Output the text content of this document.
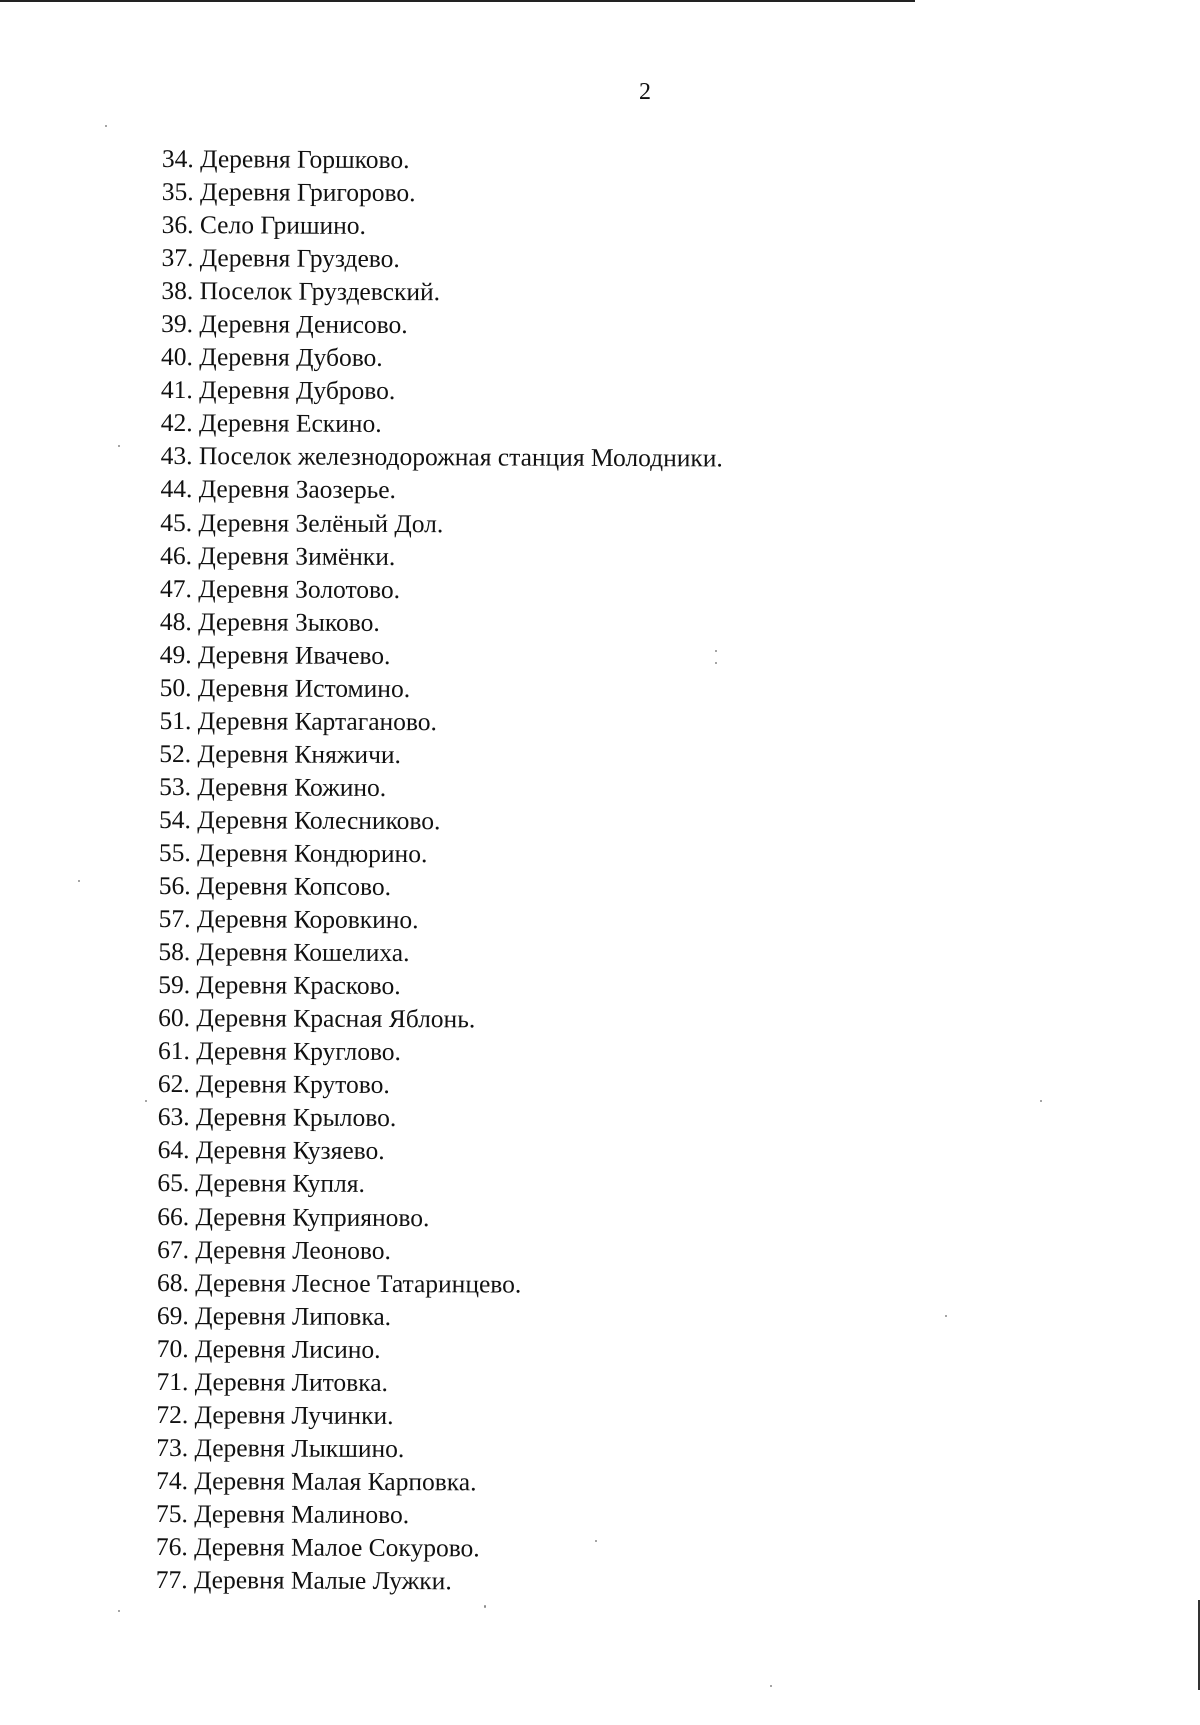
2
34. Деревня Горшково.
35. Деревня Григорово.
36. Село Гришино.
37. Деревня Груздево.
38. Поселок Груздевский.
39. Деревня Денисово.
40. Деревня Дубово.
41. Деревня Дуброво.
42. Деревня Ескино.
43. Поселок железнодорожная станция Молодники.
44. Деревня Заозерье.
45. Деревня Зелёный Дол.
46. Деревня Зимёнки.
47. Деревня Золотово.
48. Деревня Зыково.
49. Деревня Ивачево.
50. Деревня Истомино.
51. Деревня Картаганово.
52. Деревня Княжичи.
53. Деревня Кожино.
54. Деревня Колесниково.
55. Деревня Кондюрино.
56. Деревня Копсово.
57. Деревня Коровкино.
58. Деревня Кошелиха.
59. Деревня Красково.
60. Деревня Красная Яблонь.
61. Деревня Круглово.
62. Деревня Крутово.
63. Деревня Крылово.
64. Деревня Кузяево.
65. Деревня Купля.
66. Деревня Куприяново.
67. Деревня Леоново.
68. Деревня Лесное Татаринцево.
69. Деревня Липовка.
70. Деревня Лисино.
71. Деревня Литовка.
72. Деревня Лучинки.
73. Деревня Лыкшино.
74. Деревня Малая Карповка.
75. Деревня Малиново.
76. Деревня Малое Сокурово.
77. Деревня Малые Лужки.
